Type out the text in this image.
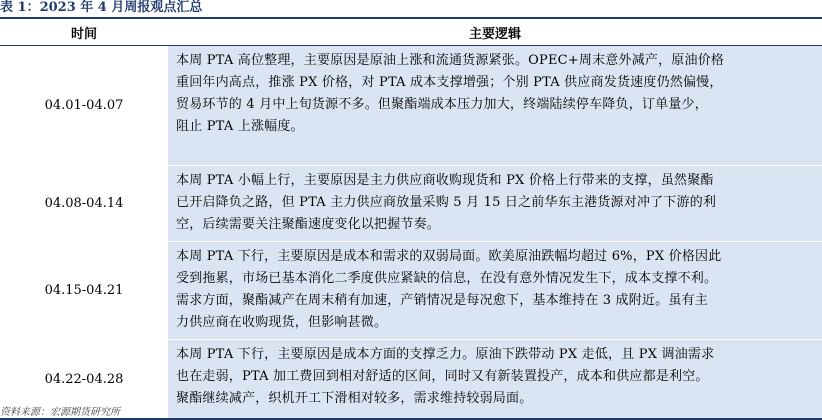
表 1：2023 年 4 月周报观点汇总
时间	主要逻辑
04.01-04.07
本周 PTA 高位整理，主要原因是原油上涨和流通货源紧张。OPEC+周末意外减产，原油价格
重回年内高点，推涨 PX 价格，对 PTA 成本支撑增强；个别 PTA 供应商发货速度仍然偏慢，
贸易环节的 4 月中上旬货源不多。但聚酯端成本压力加大，终端陆续停车降负，订单量少，
阻止 PTA 上涨幅度。
04.08-04.14
本周 PTA 小幅上行，主要原因是主力供应商收购现货和 PX 价格上行带来的支撑，虽然聚酯
已开启降负之路，但 PTA 主力供应商放量采购 5 月 15 日之前华东主港货源对冲了下游的利
空，后续需要关注聚酯速度变化以把握节奏。
04.15-04.21
本周 PTA 下行，主要原因是成本和需求的双弱局面。欧美原油跌幅均超过 6%，PX 价格因此
受到拖累，市场已基本消化二季度供应紧缺的信息，在没有意外情况发生下，成本支撑不利。
需求方面，聚酯减产在周末稍有加速，产销情况是每况愈下，基本维持在 3 成附近。虽有主
力供应商在收购现货，但影响甚微。
04.22-04.28
本周 PTA 下行，主要原因是成本方面的支撑乏力。原油下跌带动 PX 走低，且 PX 调油需求
也在走弱，PTA 加工费回到相对舒适的区间，同时又有新装置投产，成本和供应都是利空。
聚酯继续减产，织机开工下滑相对较多，需求维持较弱局面。
资料来源：宏源期货研究所
